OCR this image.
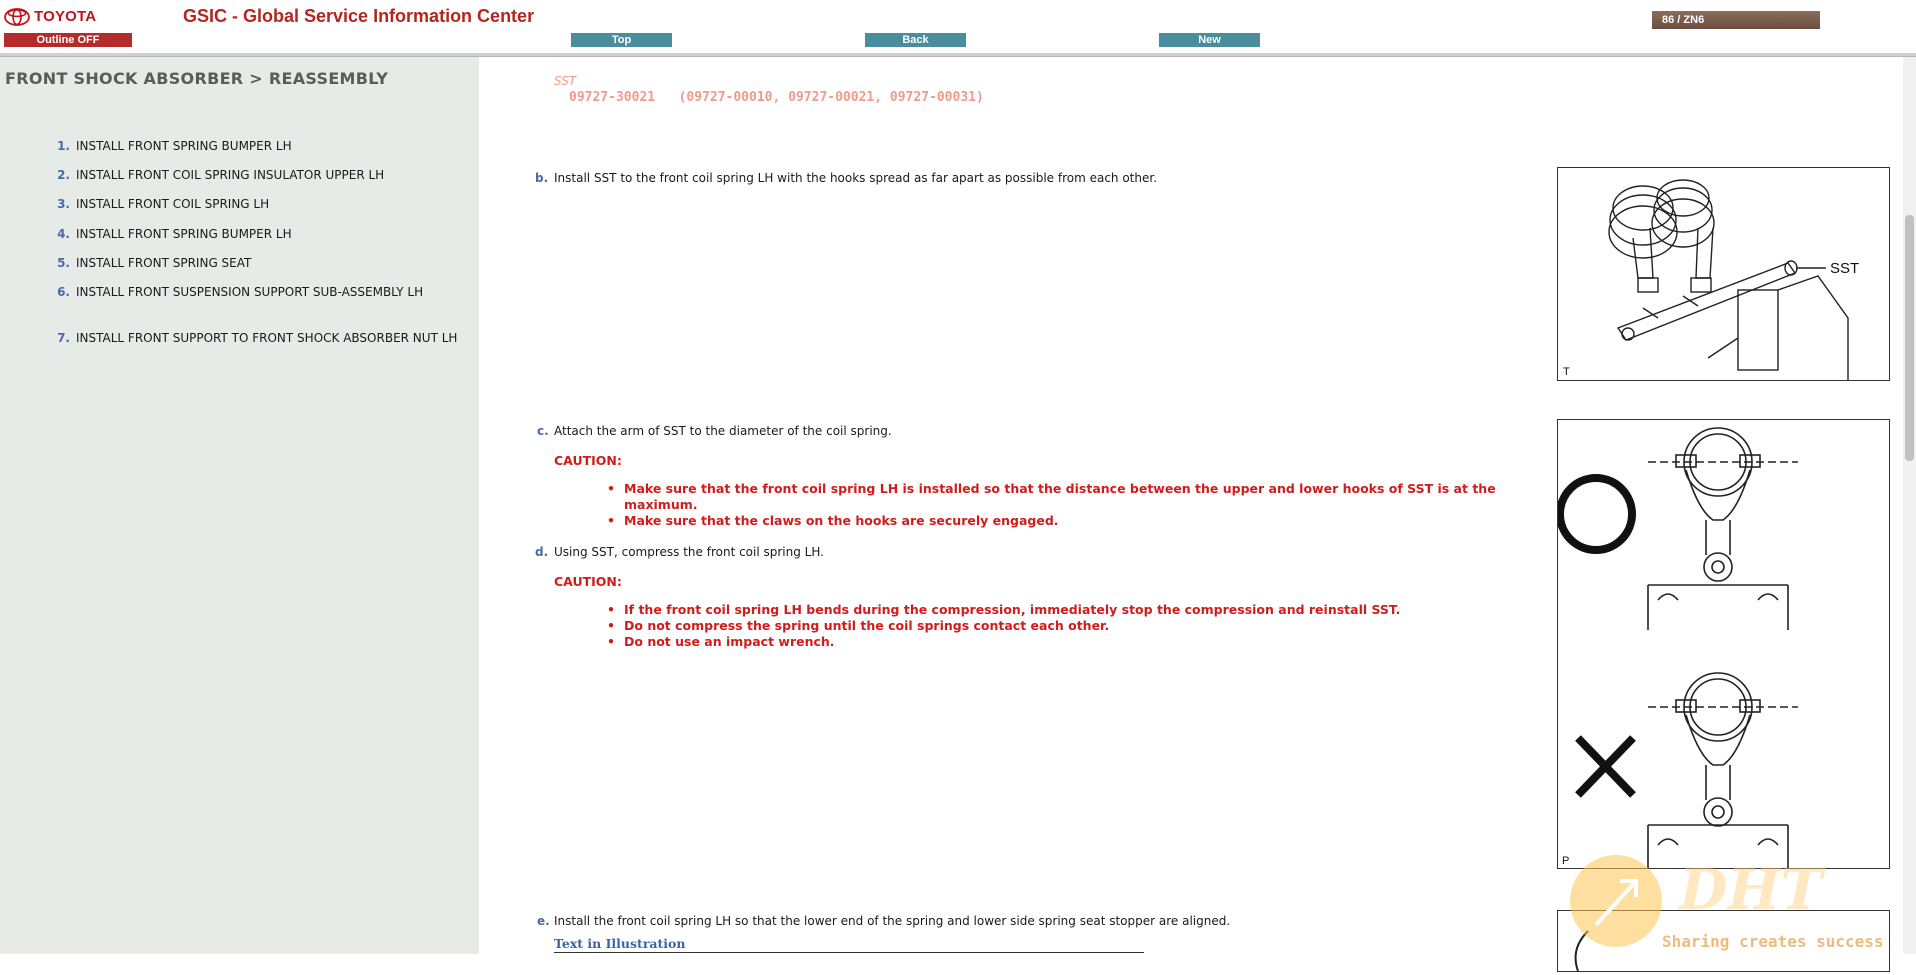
TOYOTA
Outline OFF
GSIC - Global Service Information Center
Top	Back	New
86 / ZN6
FRONT SHOCK ABSORBER > REASSEMBLY
1. INSTALL FRONT SPRING BUMPER LH
2. INSTALL FRONT COIL SPRING INSULATOR UPPER LH
3. INSTALL FRONT COIL SPRING LH
4. INSTALL FRONT SPRING BUMPER LH
5. INSTALL FRONT SPRING SEAT
6. INSTALL FRONT SUSPENSION SUPPORT SUB-ASSEMBLY LH
7. INSTALL FRONT SUPPORT TO FRONT SHOCK ABSORBER NUT LH
SST
09727-30021   (09727-00010, 09727-00021, 09727-00031)
b. Install SST to the front coil spring LH with the hooks spread as far apart as possible from each other.
SST
T
c. Attach the arm of SST to the diameter of the coil spring.
CAUTION:
• Make sure that the front coil spring LH is installed so that the distance between the upper and lower hooks of SST is at the maximum.
• Make sure that the claws on the hooks are securely engaged.
d. Using SST, compress the front coil spring LH.
CAUTION:
• If the front coil spring LH bends during the compression, immediately stop the compression and reinstall SST.
• Do not compress the spring until the coil springs contact each other.
• Do not use an impact wrench.
P
e. Install the front coil spring LH so that the lower end of the spring and lower side spring seat stopper are aligned.
Text in Illustration
DHT
Sharing creates success
